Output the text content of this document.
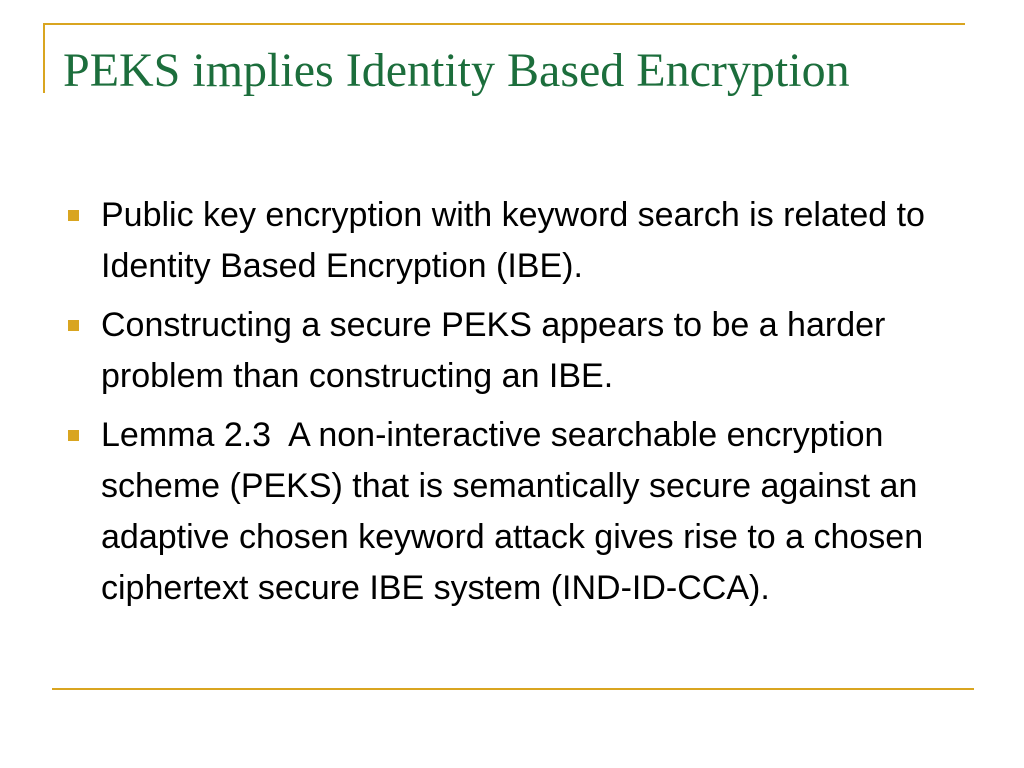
PEKS implies Identity Based Encryption
Public key encryption with keyword search is related to Identity Based Encryption (IBE).
Constructing a secure PEKS appears to be a harder problem than constructing an IBE.
Lemma 2.3  A non-interactive searchable encryption scheme (PEKS) that is semantically secure against an adaptive chosen keyword attack gives rise to a chosen ciphertext secure IBE system (IND-ID-CCA).
